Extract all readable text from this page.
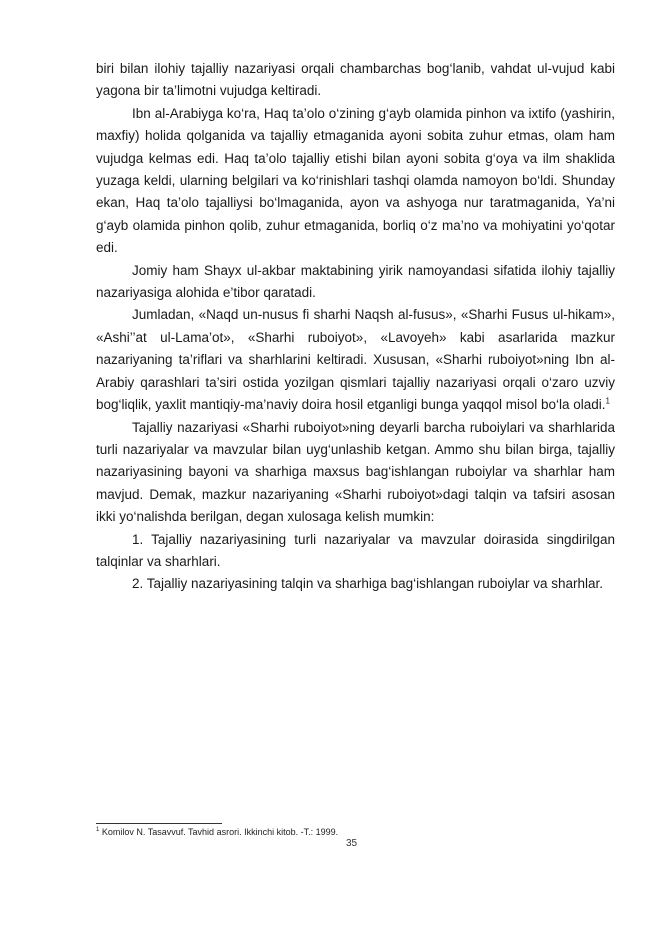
biri bilan ilohiy tajalliy nazariyasi orqali chambarchas bog‘lanib, vahdat ul-vujud kabi yagona bir ta’limotni vujudga keltiradi.

Ibn al-Arabiyga ko‘ra, Haq ta’olo o‘zining g‘ayb olamida pinhon va ixtifo (yashirin, maxfiy) holida qolganida va tajalliy etmaganida ayoni sobita zuhur etmas, olam ham vujudga kelmas edi. Haq ta’olo tajalliy etishi bilan ayoni sobita g‘oya va ilm shaklida yuzaga keldi, ularning belgilari va ko‘rinishlari tashqi olamda namoyon bo‘ldi. Shunday ekan, Haq ta’olo tajalliysi bo‘lmaganida, ayon va ashyoga nur taratmaganida, Ya’ni g‘ayb olamida pinhon qolib, zuhur etmaganida, borliq o‘z ma’no va mohiyatini yo‘qotar edi.

Jomiy ham Shayx ul-akbar maktabining yirik namoyandasi sifatida ilohiy tajalliy nazariyasiga alohida e’tibor qaratadi.

Jumladan, «Naqd un-nusus fi sharhi Naqsh al-fusus», «Sharhi Fusus ul-hikam», «Ashi’’at ul-Lama’ot», «Sharhi ruboiyot», «Lavoyeh» kabi asarlarida mazkur nazariyaning ta’riflari va sharhlarini keltiradi. Xususan, «Sharhi ruboiyot»ning Ibn al-Arabiy qarashlari ta’siri ostida yozilgan qismlari tajalliy nazariyasi orqali o‘zaro uzviy bog‘liqlik, yaxlit mantiqiy-ma’naviy doira hosil etganligi bunga yaqqol misol bo‘la oladi.$^1$

Tajalliy nazariyasi «Sharhi ruboiyot»ning deyarli barcha ruboiylari va sharhlarida turli nazariyalar va mavzular bilan uyg‘unlashib ketgan. Ammo shu bilan birga, tajalliy nazariyasining bayoni va sharhiga maxsus bag‘ishlangan ruboiylar va sharhlar ham mavjud. Demak, mazkur nazariyaning «Sharhi ruboiyot»dagi talqin va tafsiri asosan ikki yo‘nalishda berilgan, degan xulosaga kelish mumkin:

1. Tajalliy nazariyasining turli nazariyalar va mavzular doirasida singdirilgan talqinlar va sharhlari.

2. Tajalliy nazariyasining talqin va sharhiga bag‘ishlangan ruboiylar va sharhlar.

$^1$ Komilov N. Tasavvuf. Tavhid asrori. Ikkinchi kitob. -T.: 1999.
35
